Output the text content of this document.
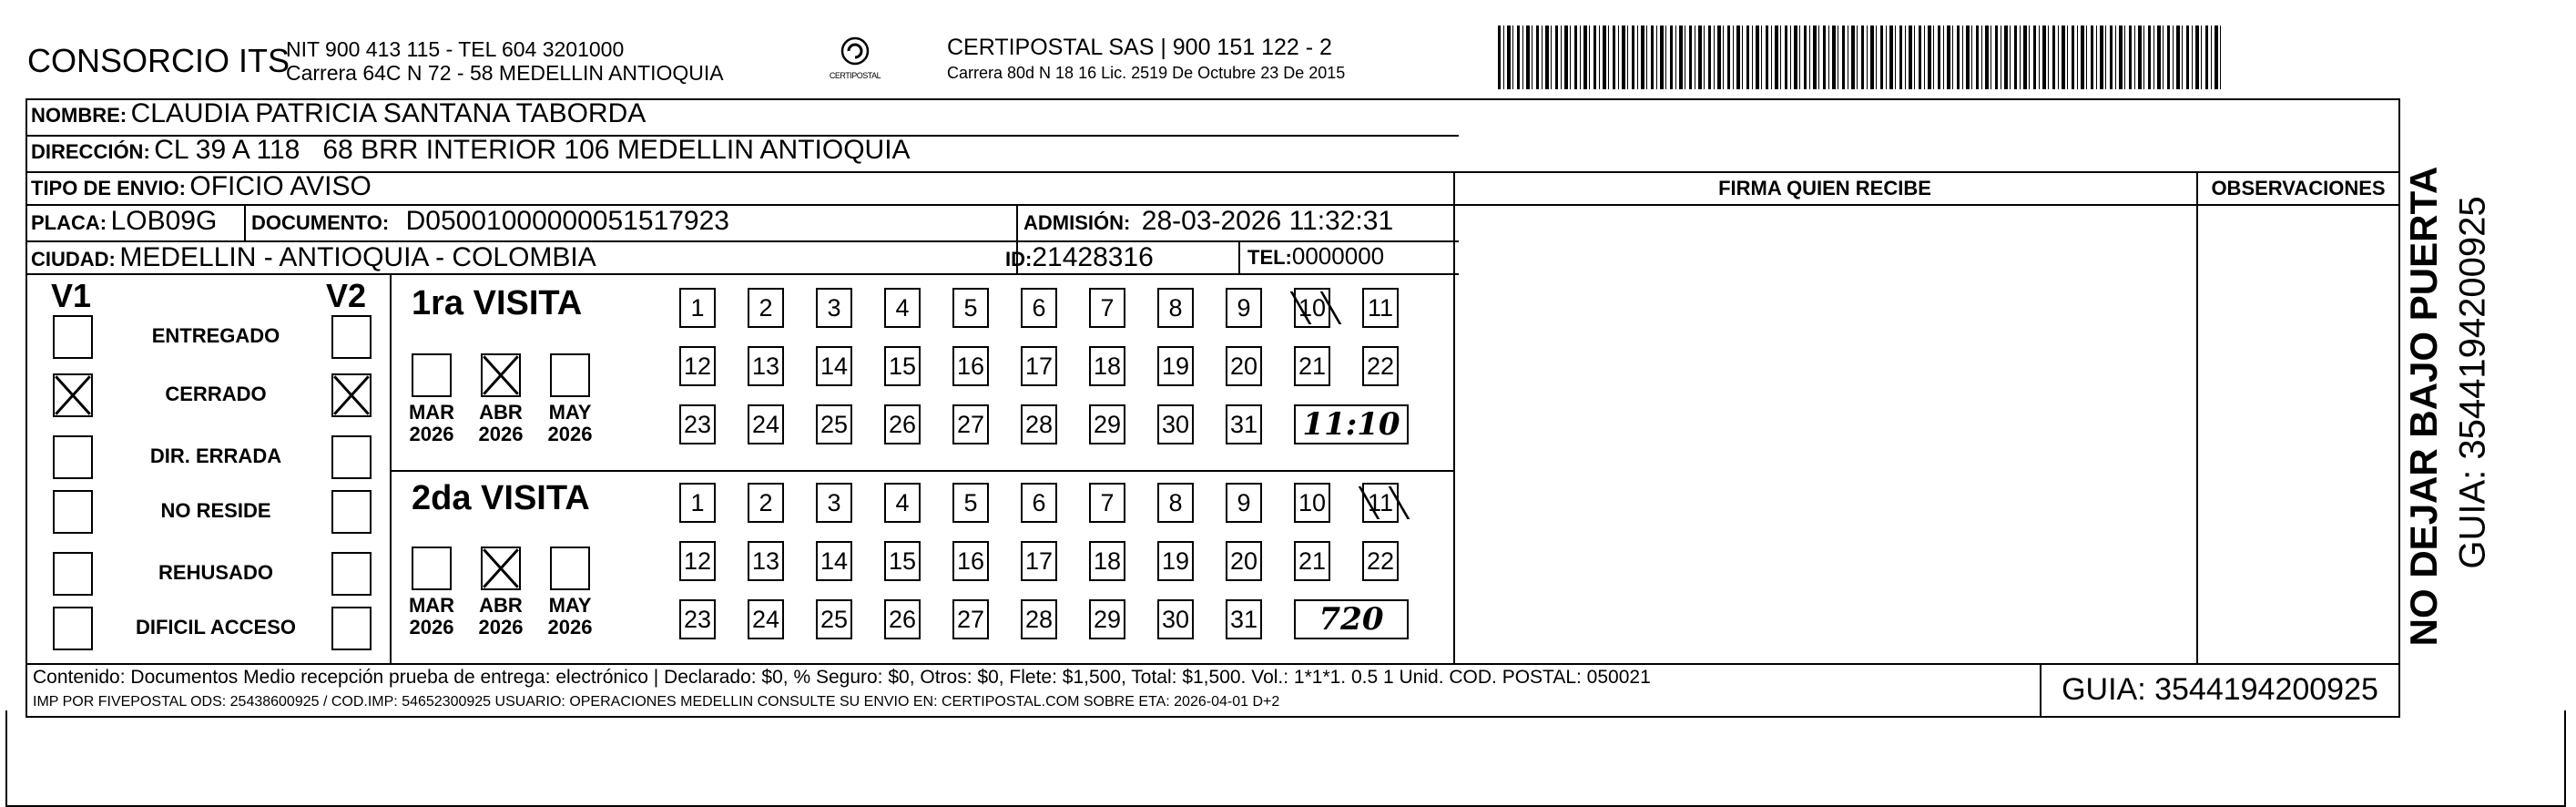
CONSORCIO ITS
NIT 900 413 115 - TEL 604 3201000
Carrera 64C N 72 - 58 MEDELLIN ANTIOQUIA	CERTIPOSTAL
CERTIPOSTAL SAS | 900 151 122 - 2
Carrera 80d N 18 16 Lic. 2519 De Octubre 23 De 2015
NOMBRE: CLAUDIA PATRICIA SANTANA TABORDA
DIRECCIÓN: CL 39 A 118   68 BRR INTERIOR 106 MEDELLIN ANTIOQUIA
TIPO DE ENVIO: OFICIO AVISO
PLACA: LOB09G DOCUMENTO: D05001000000051517923	ADMISIÓN: 28-03-2026 11:32:31
CIUDAD: MEDELLIN - ANTIOQUIA - COLOMBIA	ID:21428316	TEL:0000000
FIRMA QUIEN RECIBE	OBSERVACIONES
V1	V2 1ra VISITA
2da VISITA
Contenido: Documentos Medio recepción prueba de entrega: electrónico | Declarado: $0, % Seguro: $0, Otros: $0, Flete: $1,500, Total: $1,500. Vol.: 1*1*1. 0.5 1 Unid. COD. POSTAL: 050021
IMP POR FIVEPOSTAL ODS: 25438600925 / COD.IMP: 54652300925 USUARIO: OPERACIONES MEDELLIN CONSULTE SU ENVIO EN: CERTIPOSTAL.COM SOBRE ETA: 2026-04-01 D+2	GUIA: 3544194200925
NO DEJAR BAJO PUERTA GUIA: 3544194200925
ENTREGADO
CERRADO
DIR. ERRADA
NO RESIDE
REHUSADO
DIFICIL ACCESO
MAR
2026
ABR
2026
MAY
2026
MAR
2026
ABR
2026
MAY
2026
1	2	3	4	5	6	7	8	9	10 11
12 13 14 15 16 17 18 19 20 21 22
23 24 25 26 27 28 29 30 31 11:10
1	2	3	4	5	6	7	8	9	10 11
12 13 14 15 16 17 18 19 20 21 22
23 24 25 26 27 28 29 30 31	720
